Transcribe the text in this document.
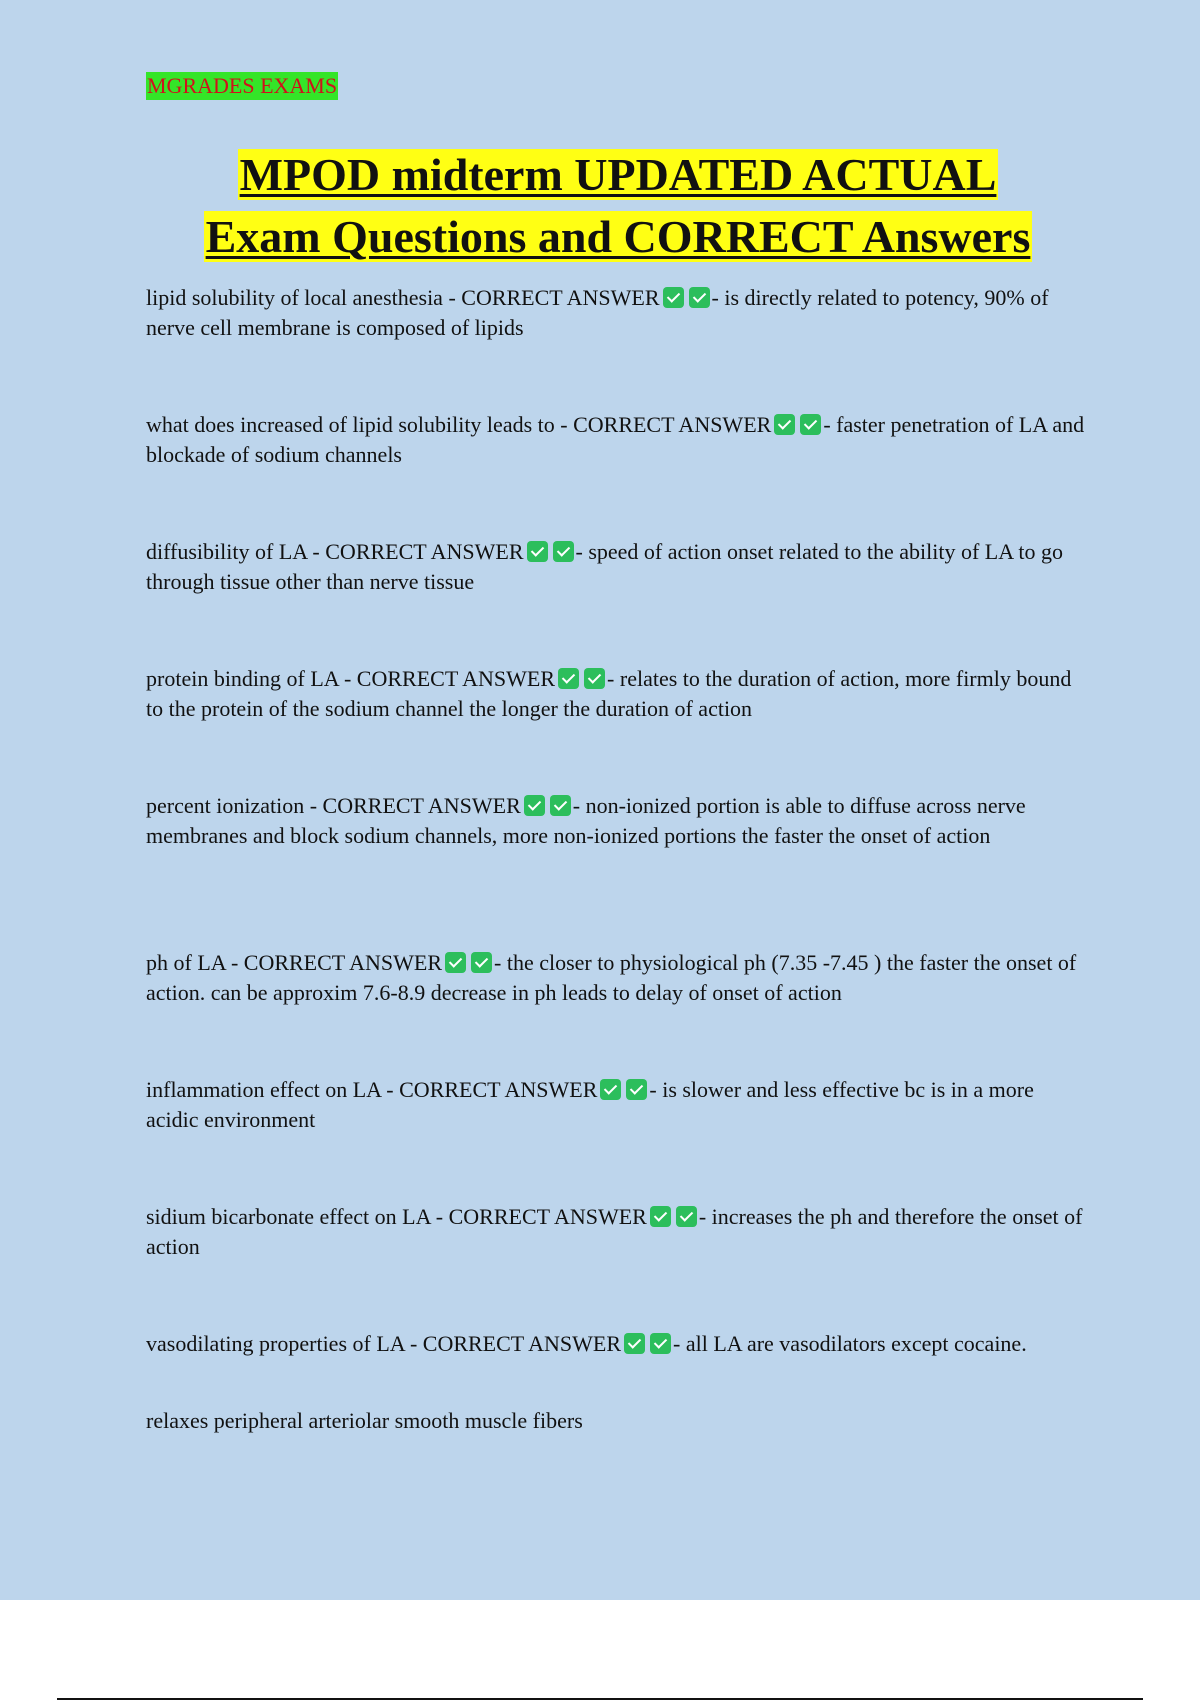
MGRADES EXAMS
MPOD midterm UPDATED ACTUAL
Exam Questions and CORRECT Answers

lipid solubility of local anesthesia - CORRECT ANSWER - is directly related to potency, 90% of nerve cell membrane is composed of lipids

what does increased of lipid solubility leads to - CORRECT ANSWER - faster penetration of LA and blockade of sodium channels

diffusibility of LA - CORRECT ANSWER - speed of action onset related to the ability of LA to go through tissue other than nerve tissue

protein binding of LA - CORRECT ANSWER - relates to the duration of action, more firmly bound to the protein of the sodium channel the longer the duration of action

percent ionization - CORRECT ANSWER - non-ionized portion is able to diffuse across nerve membranes and block sodium channels, more non-ionized portions the faster the onset of action

ph of LA - CORRECT ANSWER - the closer to physiological ph (7.35 -7.45 ) the faster the onset of action. can be approxim 7.6-8.9 decrease in ph leads to delay of onset of action

inflammation effect on LA - CORRECT ANSWER - is slower and less effective bc is in a more acidic environment

sidium bicarbonate effect on LA - CORRECT ANSWER - increases the ph and therefore the onset of action

vasodilating properties of LA - CORRECT ANSWER - all LA are vasodilators except cocaine.

relaxes peripheral arteriolar smooth muscle fibers
